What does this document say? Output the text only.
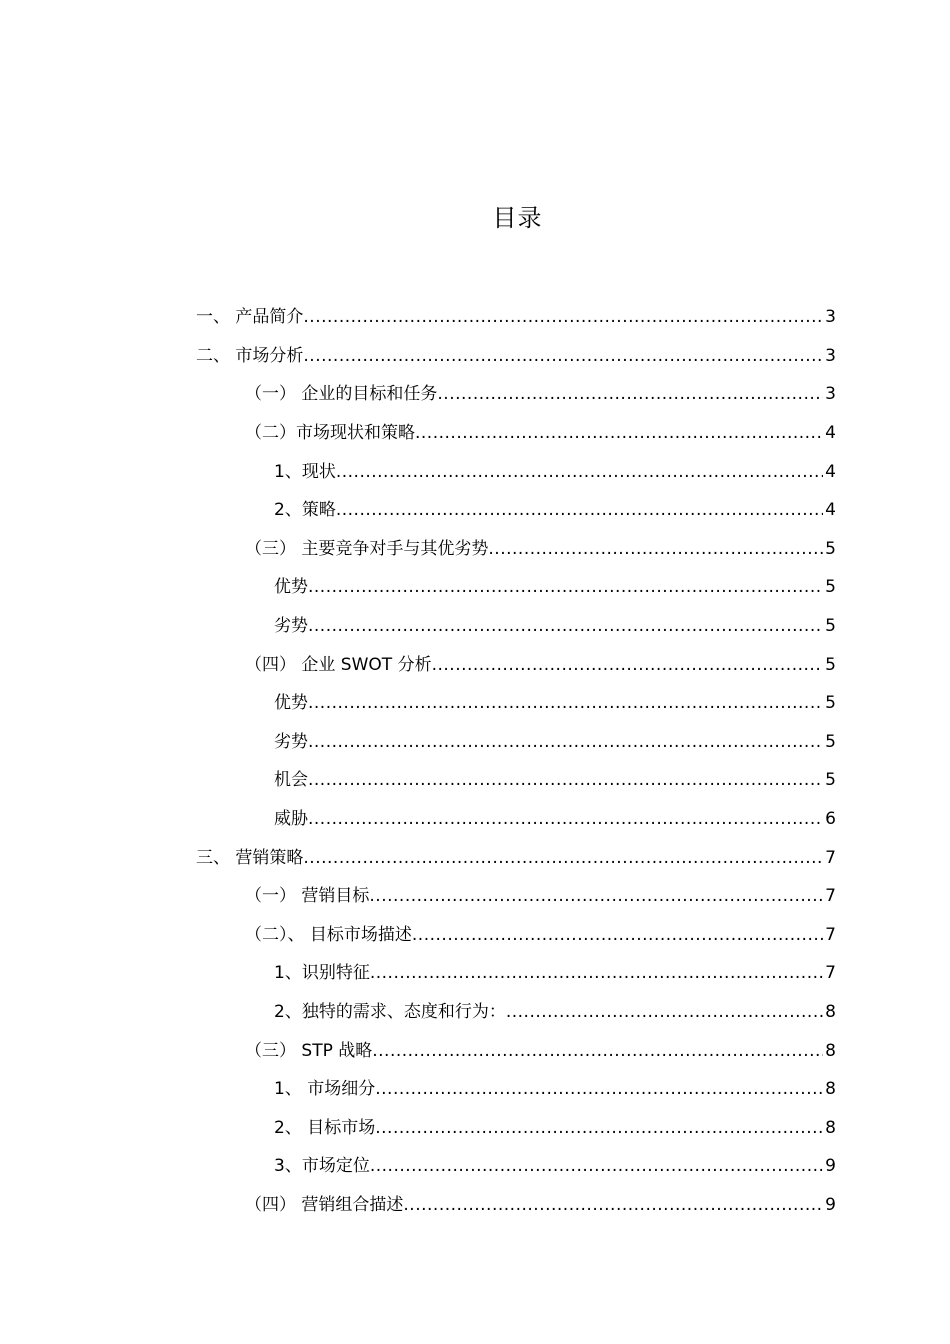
目录
一、 产品简介 .....	3
二、 市场分析 .....	3
（一） 企业的目标和任务 .....	3
（二）市场现状和策略 .....	4
1、现状 .....	4
2、策略 .....	4
（三） 主要竞争对手与其优劣势 .....	5
优势 .....	5
劣势 .....	5
（四） 企业 SWOT 分析 .....	5
优势 .....	5
劣势 .....	5
机会 .....	5
威胁 .....	6
三、 营销策略 .....	7
（一） 营销目标 .....	7
（二）、 目标市场描述 .....	7
1、识别特征 .....	7
2、独特的需求、态度和行为： .....	8
（三） STP 战略 .....	8
1、 市场细分 .....	8
2、 目标市场 .....	8
3、市场定位 .....	9
（四） 营销组合描述 .....	9
